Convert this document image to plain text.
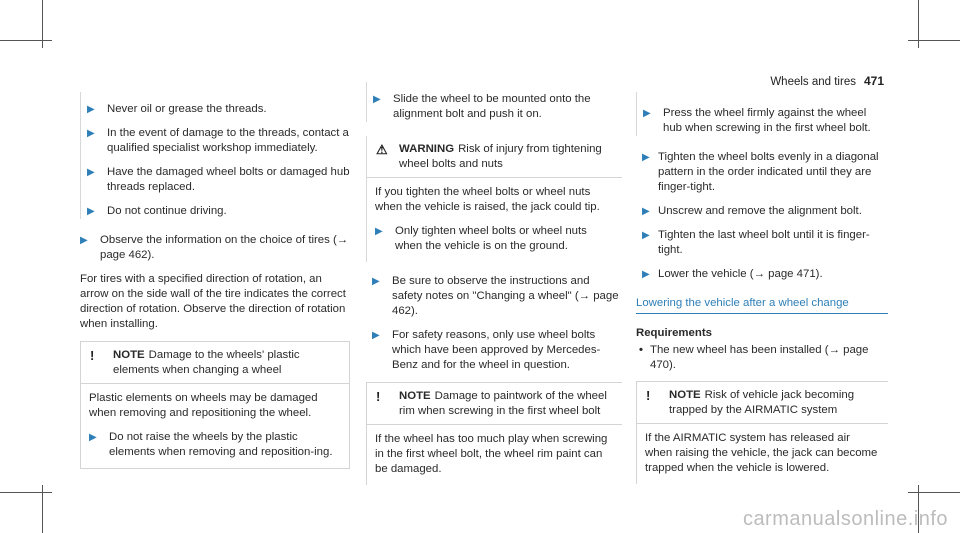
Wheels and tires 471
▶ Never oil or grease the threads.
▶ In the event of damage to the threads, contact a qualified specialist workshop immediately.
▶ Have the damaged wheel bolts or damaged hub threads replaced.
▶ Do not continue driving.
▶ Observe the information on the choice of tires (→ page 462).
For tires with a specified direction of rotation, an arrow on the side wall of the tire indicates the correct direction of rotation. Observe the direction of rotation when installing.
! NOTE Damage to the wheels' plastic elements when changing a wheel
Plastic elements on wheels may be damaged when removing and repositioning the wheel.
▶ Do not raise the wheels by the plastic elements when removing and reposition-ing.
▶ Slide the wheel to be mounted onto the alignment bolt and push it on.
⚠ WARNING Risk of injury from tightening wheel bolts and nuts
If you tighten the wheel bolts or wheel nuts when the vehicle is raised, the jack could tip.
▶ Only tighten wheel bolts or wheel nuts when the vehicle is on the ground.
▶ Be sure to observe the instructions and safety notes on "Changing a wheel" (→ page 462).
▶ For safety reasons, only use wheel bolts which have been approved by Mercedes-Benz and for the wheel in question.
! NOTE Damage to paintwork of the wheel rim when screwing in the first wheel bolt
If the wheel has too much play when screwing in the first wheel bolt, the wheel rim paint can be damaged.
▶ Press the wheel firmly against the wheel hub when screwing in the first wheel bolt.
▶ Tighten the wheel bolts evenly in a diagonal pattern in the order indicated until they are finger-tight.
▶ Unscrew and remove the alignment bolt.
▶ Tighten the last wheel bolt until it is finger-tight.
▶ Lower the vehicle (→ page 471).
Lowering the vehicle after a wheel change
Requirements
• The new wheel has been installed (→ page 470).
! NOTE Risk of vehicle jack becoming trapped by the AIRMATIC system
If the AIRMATIC system has released air when raising the vehicle, the jack can become trapped when the vehicle is lowered.
carmanualsonline.info
